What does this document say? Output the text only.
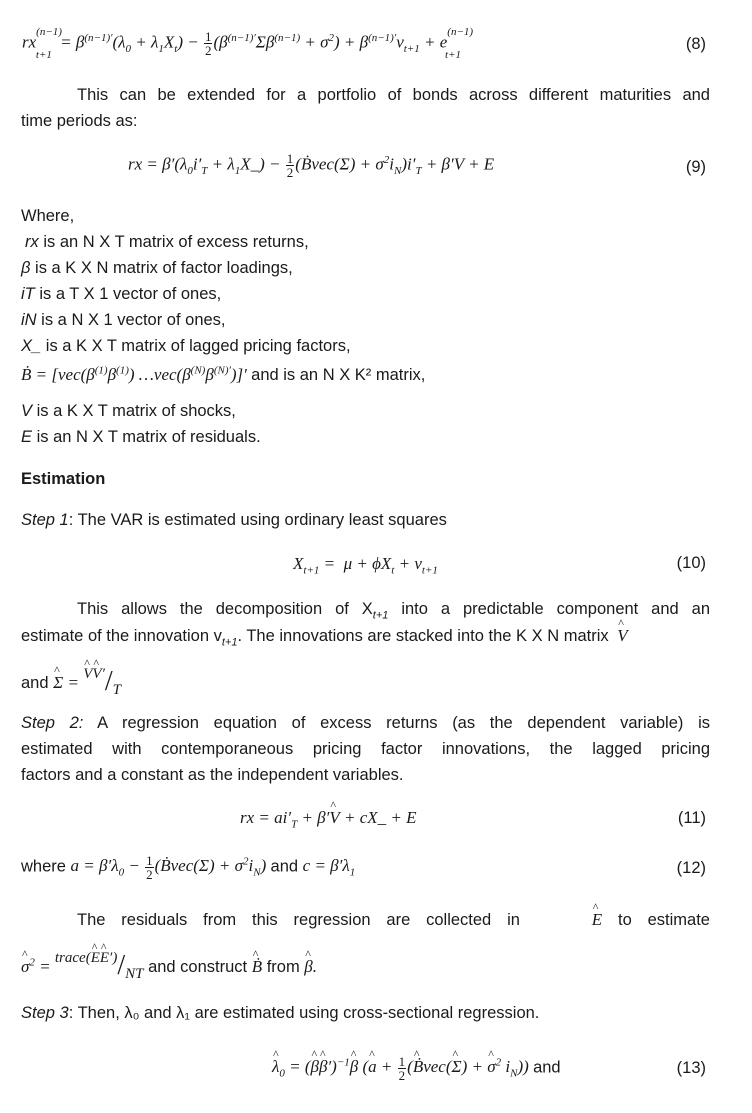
$rx^{(n-1)}_{t+1} = \beta^{(n-1)'}(\lambda_0 + \lambda_1X_t) - \frac{1}{2} (\beta^{(n-1)'}\Sigma\beta^{(n-1)} + \sigma^2) + \beta^{(n-1)'}v_{t+1} + e^{(n-1)}_{t+1}$
(8)
This can be extended for a portfolio of bonds across different maturities and
time periods as:
rx = $\beta'(\lambda_0i'_T$ + $\lambda_1X\_) - \frac{1}{2}$ (Ḃvec(Σ) + $\sigma^2i_N)i'_T + \beta'V + E$	(9)
Where,
rx is an N X T matrix of excess returns,
β is a K X N matrix of factor loadings,
iT is a T X 1 vector of ones,
iN is a N X 1 vector of ones,
X_ is a K X T matrix of lagged pricing factors,
Ḃ = [$vec(\beta^{(1)}\beta^{(1)})$ $\dots vec(\beta^{(N)}\beta^{(N)'})]'$ and is an N X K² matrix,
V is a K X T matrix of shocks,
E is an N X T matrix of residuals.
Estimation
Step 1: The VAR is estimated using ordinary least squares
$X_{t+1} = \mu + \phi X_t + v_{t+1}$	(10)
This allows the decomposition of $X_{t+1}$ into a predictable component and an
estimate of the innovation $v_{t+1}$. The innovations are stacked into the K X N matrix ^ V
and ^ Σ = ^ V^ V′/T
Step 2: A regression equation of excess returns (as the dependent variable) is
estimated with contemporaneous pricing factor innovations, the lagged pricing
factors and a constant as the independent variables.
rx = $ai'_T$ + β′^ V + cX_ + E	(11)
where $a = \beta'\lambda_0 - \frac{1}{2}$ (Ḃvec(Σ) + $\sigma^2i_N$) and $c = \beta'\lambda_1$	(12)
The residuals from this regression are collected in	^ E to estimate
^ $\sigma^2$ = trace(^ E^ E′)/NT and construct ^ Ḃ from ^ β.
Step 3: Then, λ₀ and λ₁ are estimated using cross-sectional regression.
^ $\lambda_0$ = (^ β^ β′)$^{-1}$^ β (^ $a + \frac{1}{2}$ (^ Ḃvec(^ Σ) + ^ $\sigma^2$ $i_N$)) and	(13)
